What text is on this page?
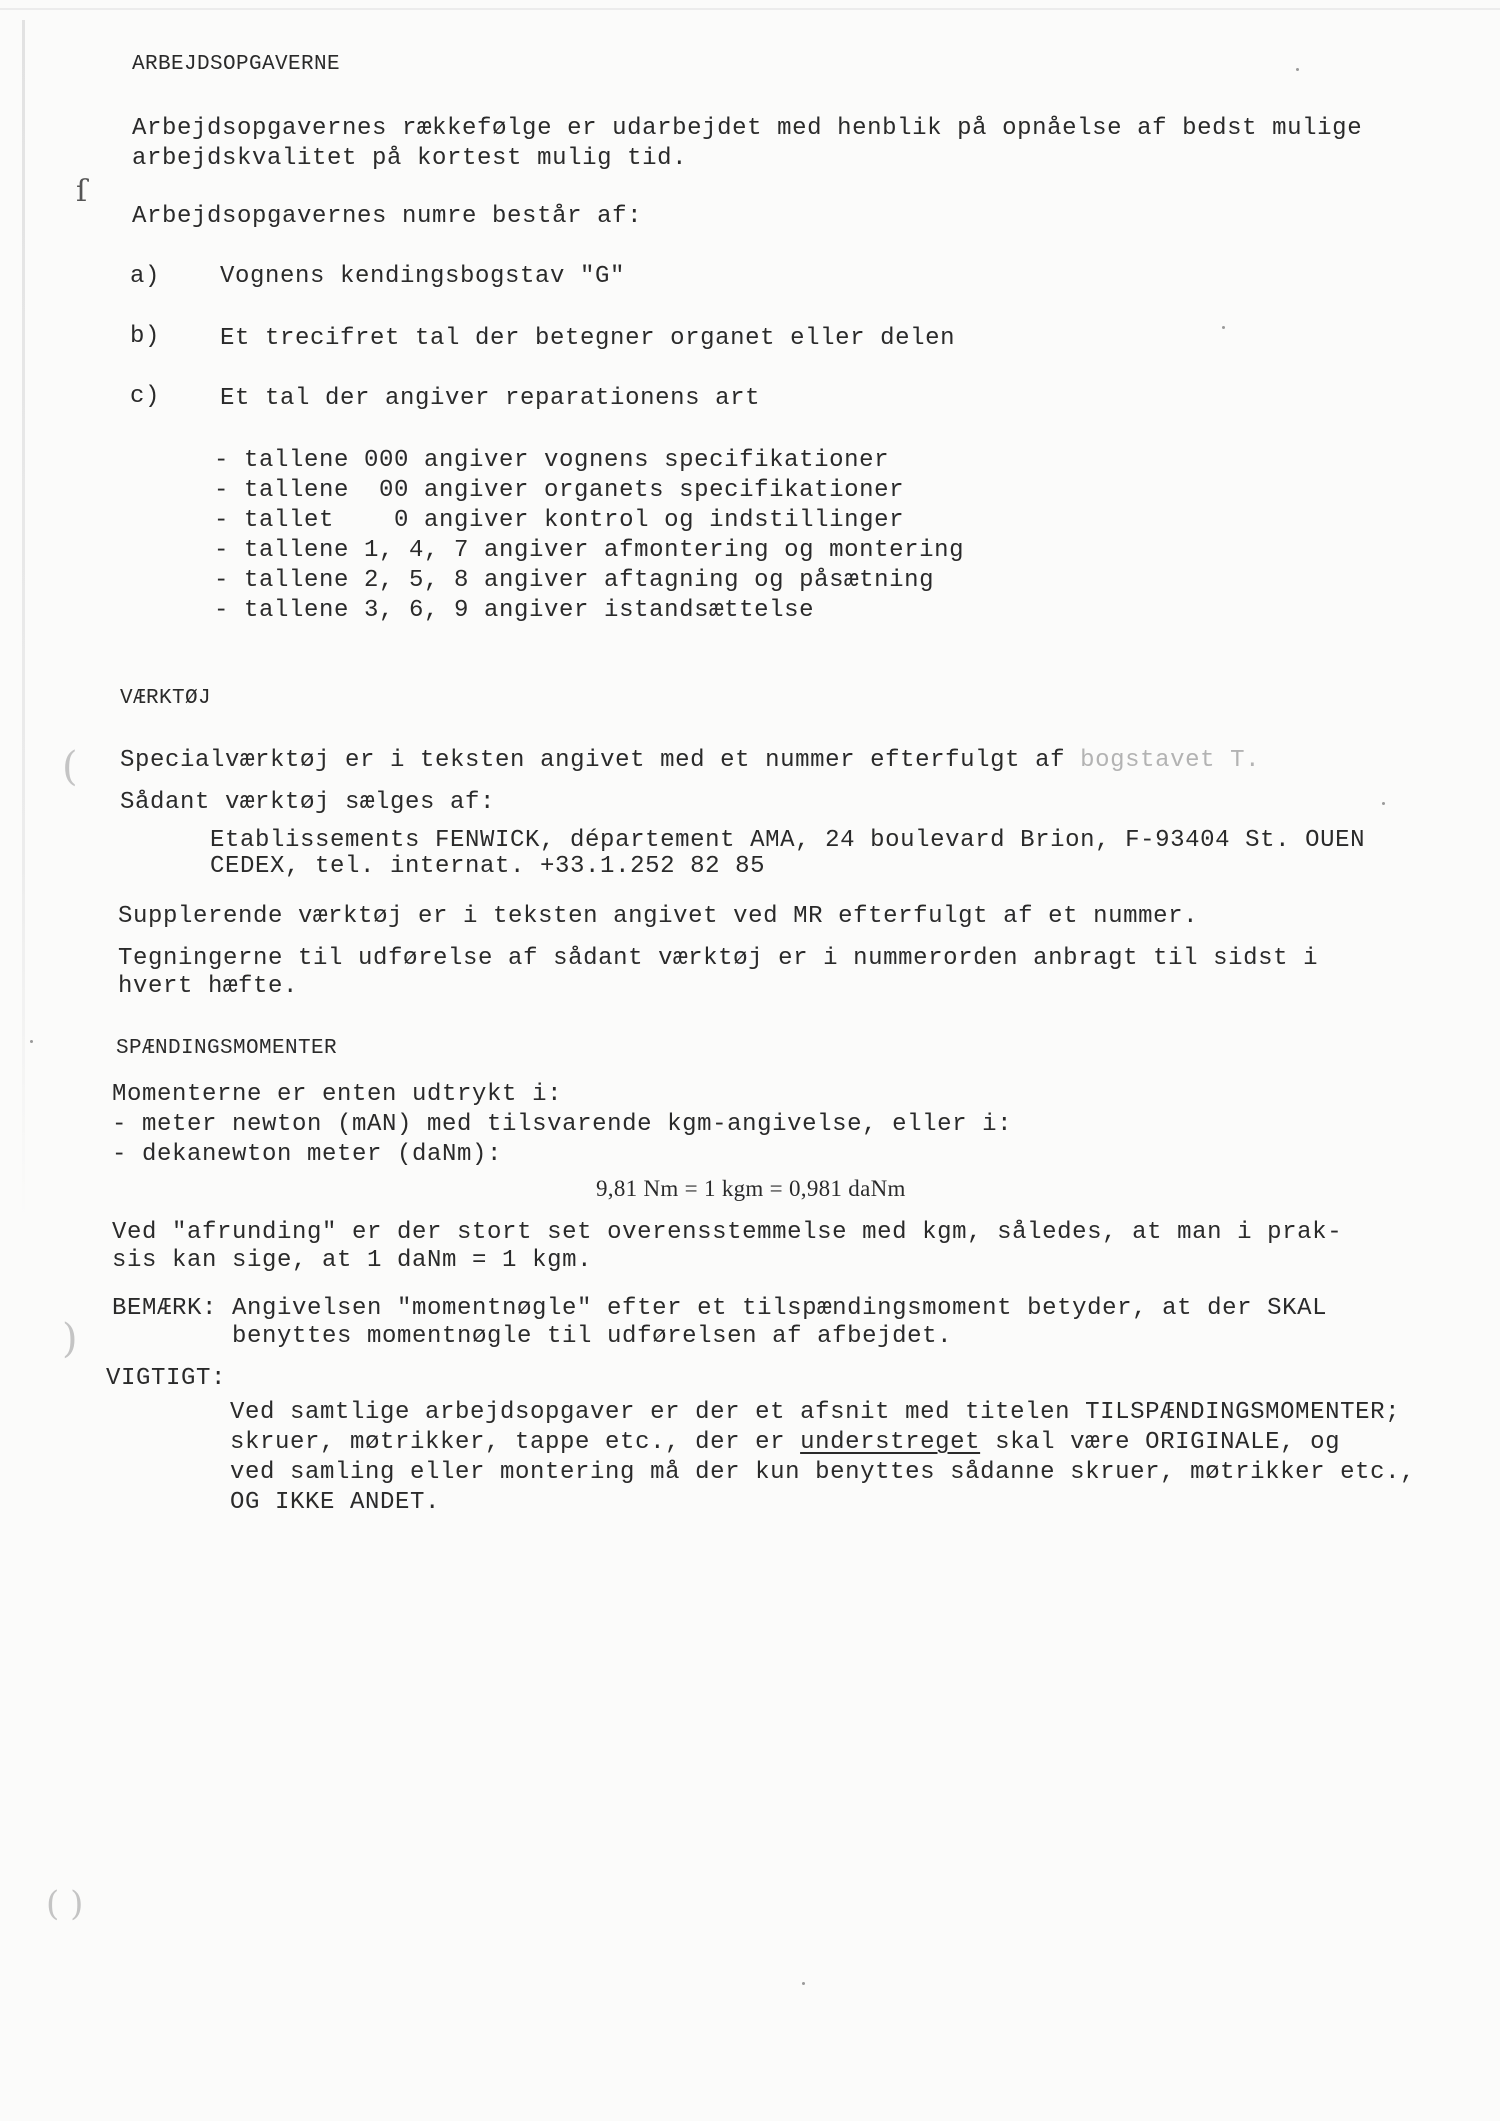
ARBEJDSOPGAVERNE
Arbejdsopgavernes rækkefølge er udarbejdet med henblik på opnåelse af bedst mulige
arbejdskvalitet på kortest mulig tid.
ſ
Arbejdsopgavernes numre består af:
a) Vognens kendingsbogstav "G"
b) Et trecifret tal der betegner organet eller delen
c) Et tal der angiver reparationens art
- tallene 000 angiver vognens specifikationer
- tallene  00 angiver organets specifikationer
- tallet    0 angiver kontrol og indstillinger
- tallene 1, 4, 7 angiver afmontering og montering
- tallene 2, 5, 8 angiver aftagning og påsætning
- tallene 3, 6, 9 angiver istandsættelse
VÆRKTØJ
( Specialværktøj er i teksten angivet med et nummer efterfulgt af bogstavet T.
Sådant værktøj sælges af:
Etablissements FENWICK, département AMA, 24 boulevard Brion, F-93404 St. OUEN
CEDEX, tel. internat. +33.1.252 82 85
Supplerende værktøj er i teksten angivet ved MR efterfulgt af et nummer.
Tegningerne til udførelse af sådant værktøj er i nummerorden anbragt til sidst i
hvert hæfte.
SPÆNDINGSMOMENTER
Momenterne er enten udtrykt i:
- meter newton (mAN) med tilsvarende kgm-angivelse, eller i:
- dekanewton meter (daNm):
9,81 Nm = 1 kgm = 0,981 daNm
Ved "afrunding" er der stort set overensstemmelse med kgm, således, at man i prak-
sis kan sige, at 1 daNm = 1 kgm.
BEMÆRK: Angivelsen "momentnøgle" efter et tilspændingsmoment betyder, at der SKAL
benyttes momentnøgle til udførelsen af afbejdet.
)
VIGTIGT:
Ved samtlige arbejdsopgaver er der et afsnit med titelen TILSPÆNDINGSMOMENTER;
skruer, møtrikker, tappe etc., der er understreget skal være ORIGINALE, og
ved samling eller montering må der kun benyttes sådanne skruer, møtrikker etc.,
OG IKKE ANDET.
( )
